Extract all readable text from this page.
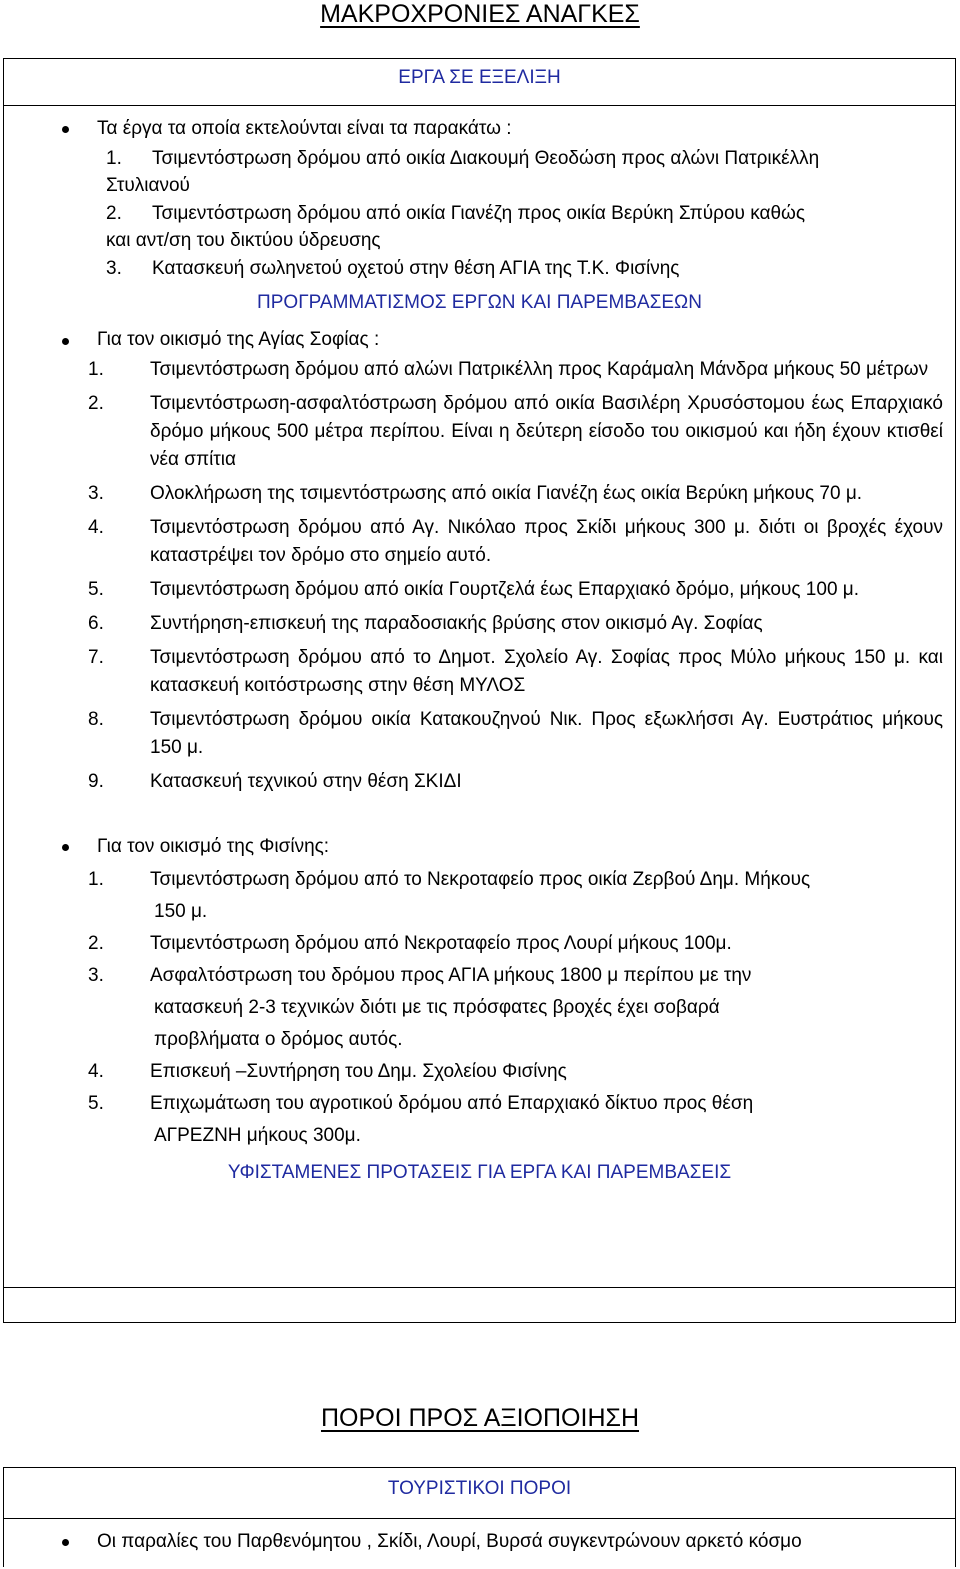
ΜΑΚΡΟΧΡΟΝΙΕΣ ΑΝΑΓΚΕΣ
ΕΡΓΑ ΣΕ ΕΞΕΛΙΞΗ
Τα έργα τα οποία εκτελούνται είναι τα παρακάτω :
1. Τσιμεντόστρωση δρόμου από οικία Διακουμή Θεοδώση προς αλώνι Πατρικέλλη
Στυλιανού
2. Τσιμεντόστρωση δρόμου από οικία Γιανέζη προς οικία Βερύκη Σπύρου καθώς
και αντ/ση του δικτύου ύδρευσης
3. Κατασκευή σωληνετού οχετού στην θέση ΑΓΙΑ της Τ.Κ. Φισίνης
ΠΡΟΓΡΑΜΜΑΤΙΣΜΟΣ ΕΡΓΩΝ ΚΑΙ ΠΑΡΕΜΒΑΣΕΩΝ
Για τον οικισμό της Αγίας Σοφίας :
1. Τσιμεντόστρωση δρόμου από αλώνι Πατρικέλλη προς Καράμαλη Μάνδρα μήκους 50 μέτρων
2. Τσιμεντόστρωση-ασφαλτόστρωση δρόμου από οικία Βασιλέρη Χρυσόστομου έως Επαρχιακό δρόμο μήκους 500 μέτρα περίπου. Είναι η δεύτερη είσοδο του οικισμού και ήδη έχουν κτισθεί νέα σπίτια
3. Ολοκλήρωση της τσιμεντόστρωσης από οικία Γιανέζη έως οικία Βερύκη μήκους 70 μ.
4. Τσιμεντόστρωση δρόμου από Αγ. Νικόλαο προς Σκίδι μήκους 300 μ. διότι οι βροχές έχουν καταστρέψει τον δρόμο στο σημείο αυτό.
5. Τσιμεντόστρωση δρόμου από οικία Γουρτζελά έως Επαρχιακό δρόμο, μήκους 100 μ.
6. Συντήρηση-επισκευή της παραδοσιακής βρύσης στον οικισμό Αγ. Σοφίας
7. Τσιμεντόστρωση δρόμου από το Δημοτ. Σχολείο Αγ. Σοφίας προς Μύλο μήκους 150 μ. και κατασκευή κοιτόστρωσης στην θέση ΜΥΛΟΣ
8. Τσιμεντόστρωση δρόμου οικία Κατακουζηνού Νικ. Προς εξωκλήσσι Αγ. Ευστράτιος μήκους 150 μ.
9. Κατασκευή τεχνικού στην θέση ΣΚΙΔΙ
Για τον οικισμό της Φισίνης:
1. Τσιμεντόστρωση δρόμου από το Νεκροταφείο προς οικία Ζερβού Δημ. Μήκους
150 μ.
2. Τσιμεντόστρωση δρόμου από Νεκροταφείο προς Λουρί μήκους 100μ.
3. Ασφαλτόστρωση του δρόμου προς ΑΓΙΑ μήκους 1800 μ περίπου με την
κατασκευή 2-3 τεχνικών διότι με τις πρόσφατες βροχές έχει σοβαρά
προβλήματα ο δρόμος αυτός.
4. Επισκευή –Συντήρηση του Δημ. Σχολείου Φισίνης
5. Επιχωμάτωση του αγροτικού δρόμου από Επαρχιακό δίκτυο προς θέση
ΑΓΡΕΖΝΗ μήκους 300μ.
ΥΦΙΣΤΑΜΕΝΕΣ ΠΡΟΤΑΣΕΙΣ ΓΙΑ ΕΡΓΑ ΚΑΙ ΠΑΡΕΜΒΑΣΕΙΣ
ΠΟΡΟΙ ΠΡΟΣ ΑΞΙΟΠΟΙΗΣΗ
ΤΟΥΡΙΣΤΙΚΟΙ ΠΟΡΟΙ
Οι παραλίες του Παρθενόμητου , Σκίδι, Λουρί, Βυρσά συγκεντρώνουν αρκετό κόσμο
